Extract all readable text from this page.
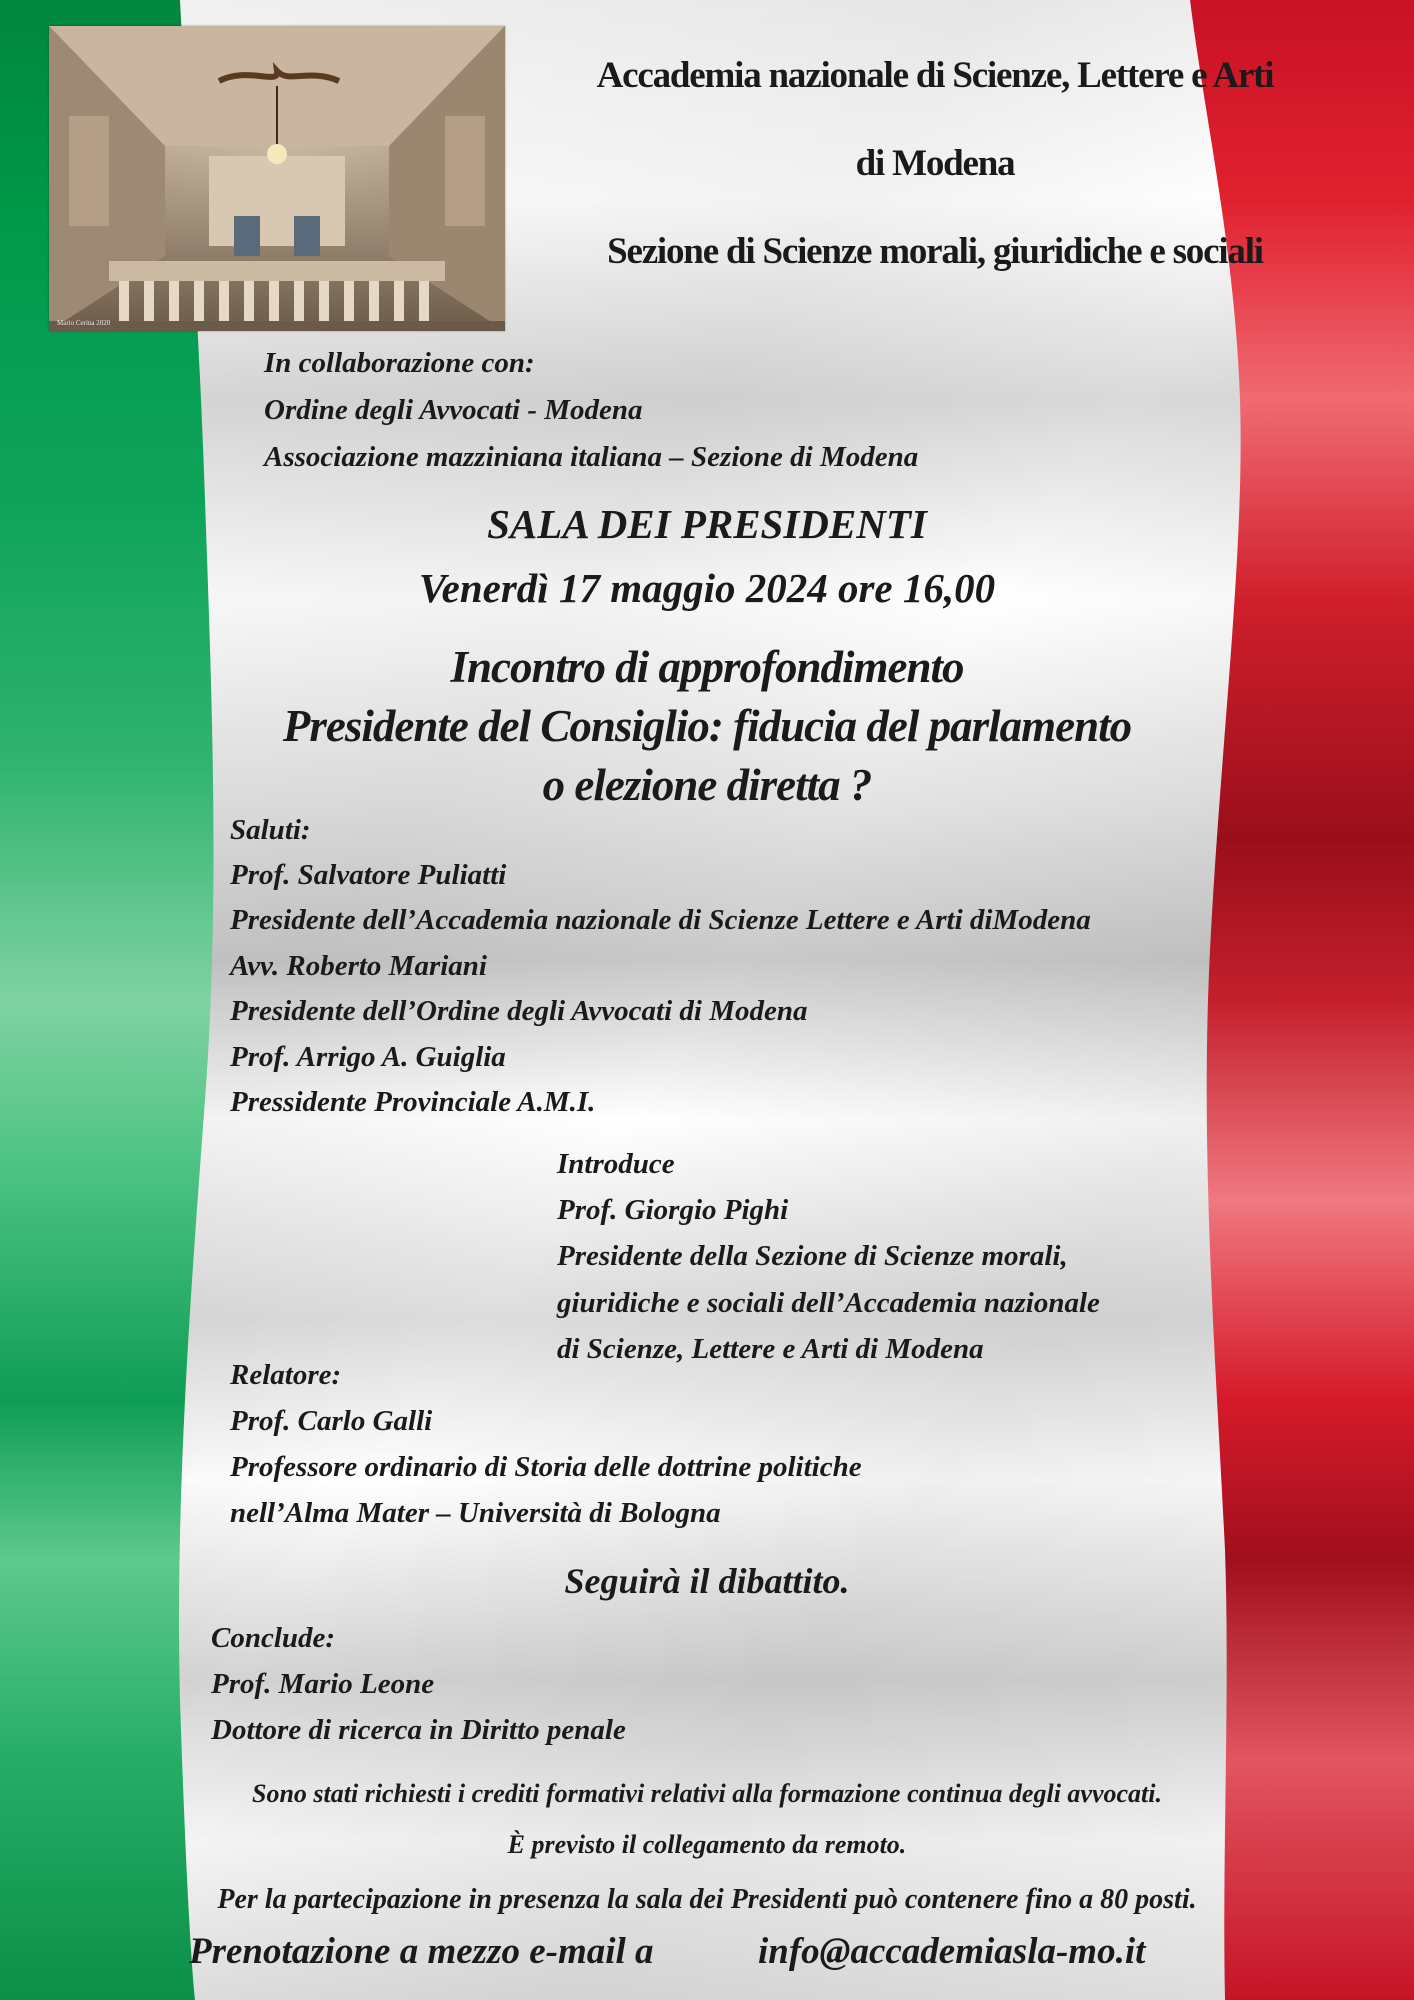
Mario Cerina 2020

Accademia nazionale di Scienze, Lettere e Arti

di Modena

Sezione di Scienze morali, giuridiche e sociali

In collaborazione con:

Ordine degli Avvocati - Modena

Associazione mazziniana italiana – Sezione di Modena

SALA DEI PRESIDENTI

Venerdì 17 maggio 2024 ore 16,00

Incontro di approfondimento

Presidente del Consiglio: fiducia del parlamento

o elezione diretta ?

Saluti:

Prof. Salvatore Puliatti

Presidente dell’Accademia nazionale di Scienze Lettere e Arti diModena

Avv. Roberto Mariani

Presidente dell’Ordine degli Avvocati di Modena

Prof. Arrigo A. Guiglia

Pressidente Provinciale A.M.I.

Introduce

Prof. Giorgio Pighi

Presidente della Sezione di Scienze morali,

giuridiche e sociali dell’Accademia nazionale

di Scienze, Lettere e Arti di Modena

Relatore:

Prof. Carlo Galli

Professore ordinario di Storia delle dottrine politiche

nell’Alma Mater – Università di Bologna

Seguirà il dibattito.

Conclude:

Prof. Mario Leone

Dottore di ricerca in Diritto penale

Sono stati richiesti i crediti formativi relativi alla formazione continua degli avvocati.

È previsto il collegamento da remoto.

Per la partecipazione in presenza la sala dei Presidenti può contenere fino a 80 posti.

Prenotazione a mezzo e-mail a	info@accademiasla-mo.it
